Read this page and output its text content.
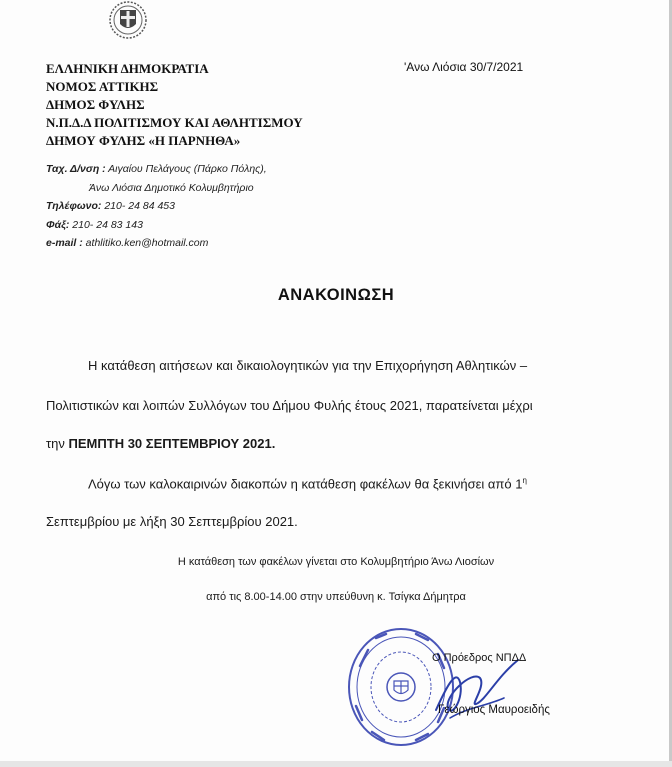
ΕΛΛΗΝΙΚΗ ΔΗΜΟΚΡΑΤΙΑ
ΝΟΜΟΣ ΑΤΤΙΚΗΣ
ΔΗΜΟΣ ΦΥΛΗΣ
Ν.Π.Δ.Δ ΠΟΛΙΤΙΣΜΟΥ ΚΑΙ ΑΘΛΗΤΙΣΜΟΥ
ΔΗΜΟΥ ΦΥΛΗΣ «Η ΠΑΡΝΗΘΑ»
'Ανω Λιόσια 30/7/2021
Ταχ. Δ/νση : Αιγαίου Πελάγους (Πάρκο Πόλης),
Άνω Λιόσια Δημοτικό Κολυμβητήριο
Τηλέφωνο: 210- 24 84 453
Φάξ: 210- 24 83 143
e-mail : athlitiko.ken@hotmail.com
ΑΝΑΚΟΙΝΩΣΗ
Η κατάθεση αιτήσεων και δικαιολογητικών για την Επιχορήγηση Αθλητικών –
Πολιτιστικών και λοιπών Συλλόγων του Δήμου Φυλής έτους 2021, παρατείνεται μέχρι
την ΠΕΜΠΤΗ 30 ΣΕΠΤΕΜΒΡΙΟΥ 2021.
Λόγω των καλοκαιρινών διακοπών η κατάθεση φακέλων θα ξεκινήσει από $1^\eta$
Σεπτεμβρίου με λήξη 30 Σεπτεμβρίου 2021.
Η κατάθεση των φακέλων γίνεται στο Κολυμβητήριο Άνω Λιοσίων
από τις 8.00-14.00 στην υπεύθυνη κ. Τσίγκα Δήμητρα
Ο Πρόεδρος ΝΠΔΔ
Γεώργιος Μαυροειδής
